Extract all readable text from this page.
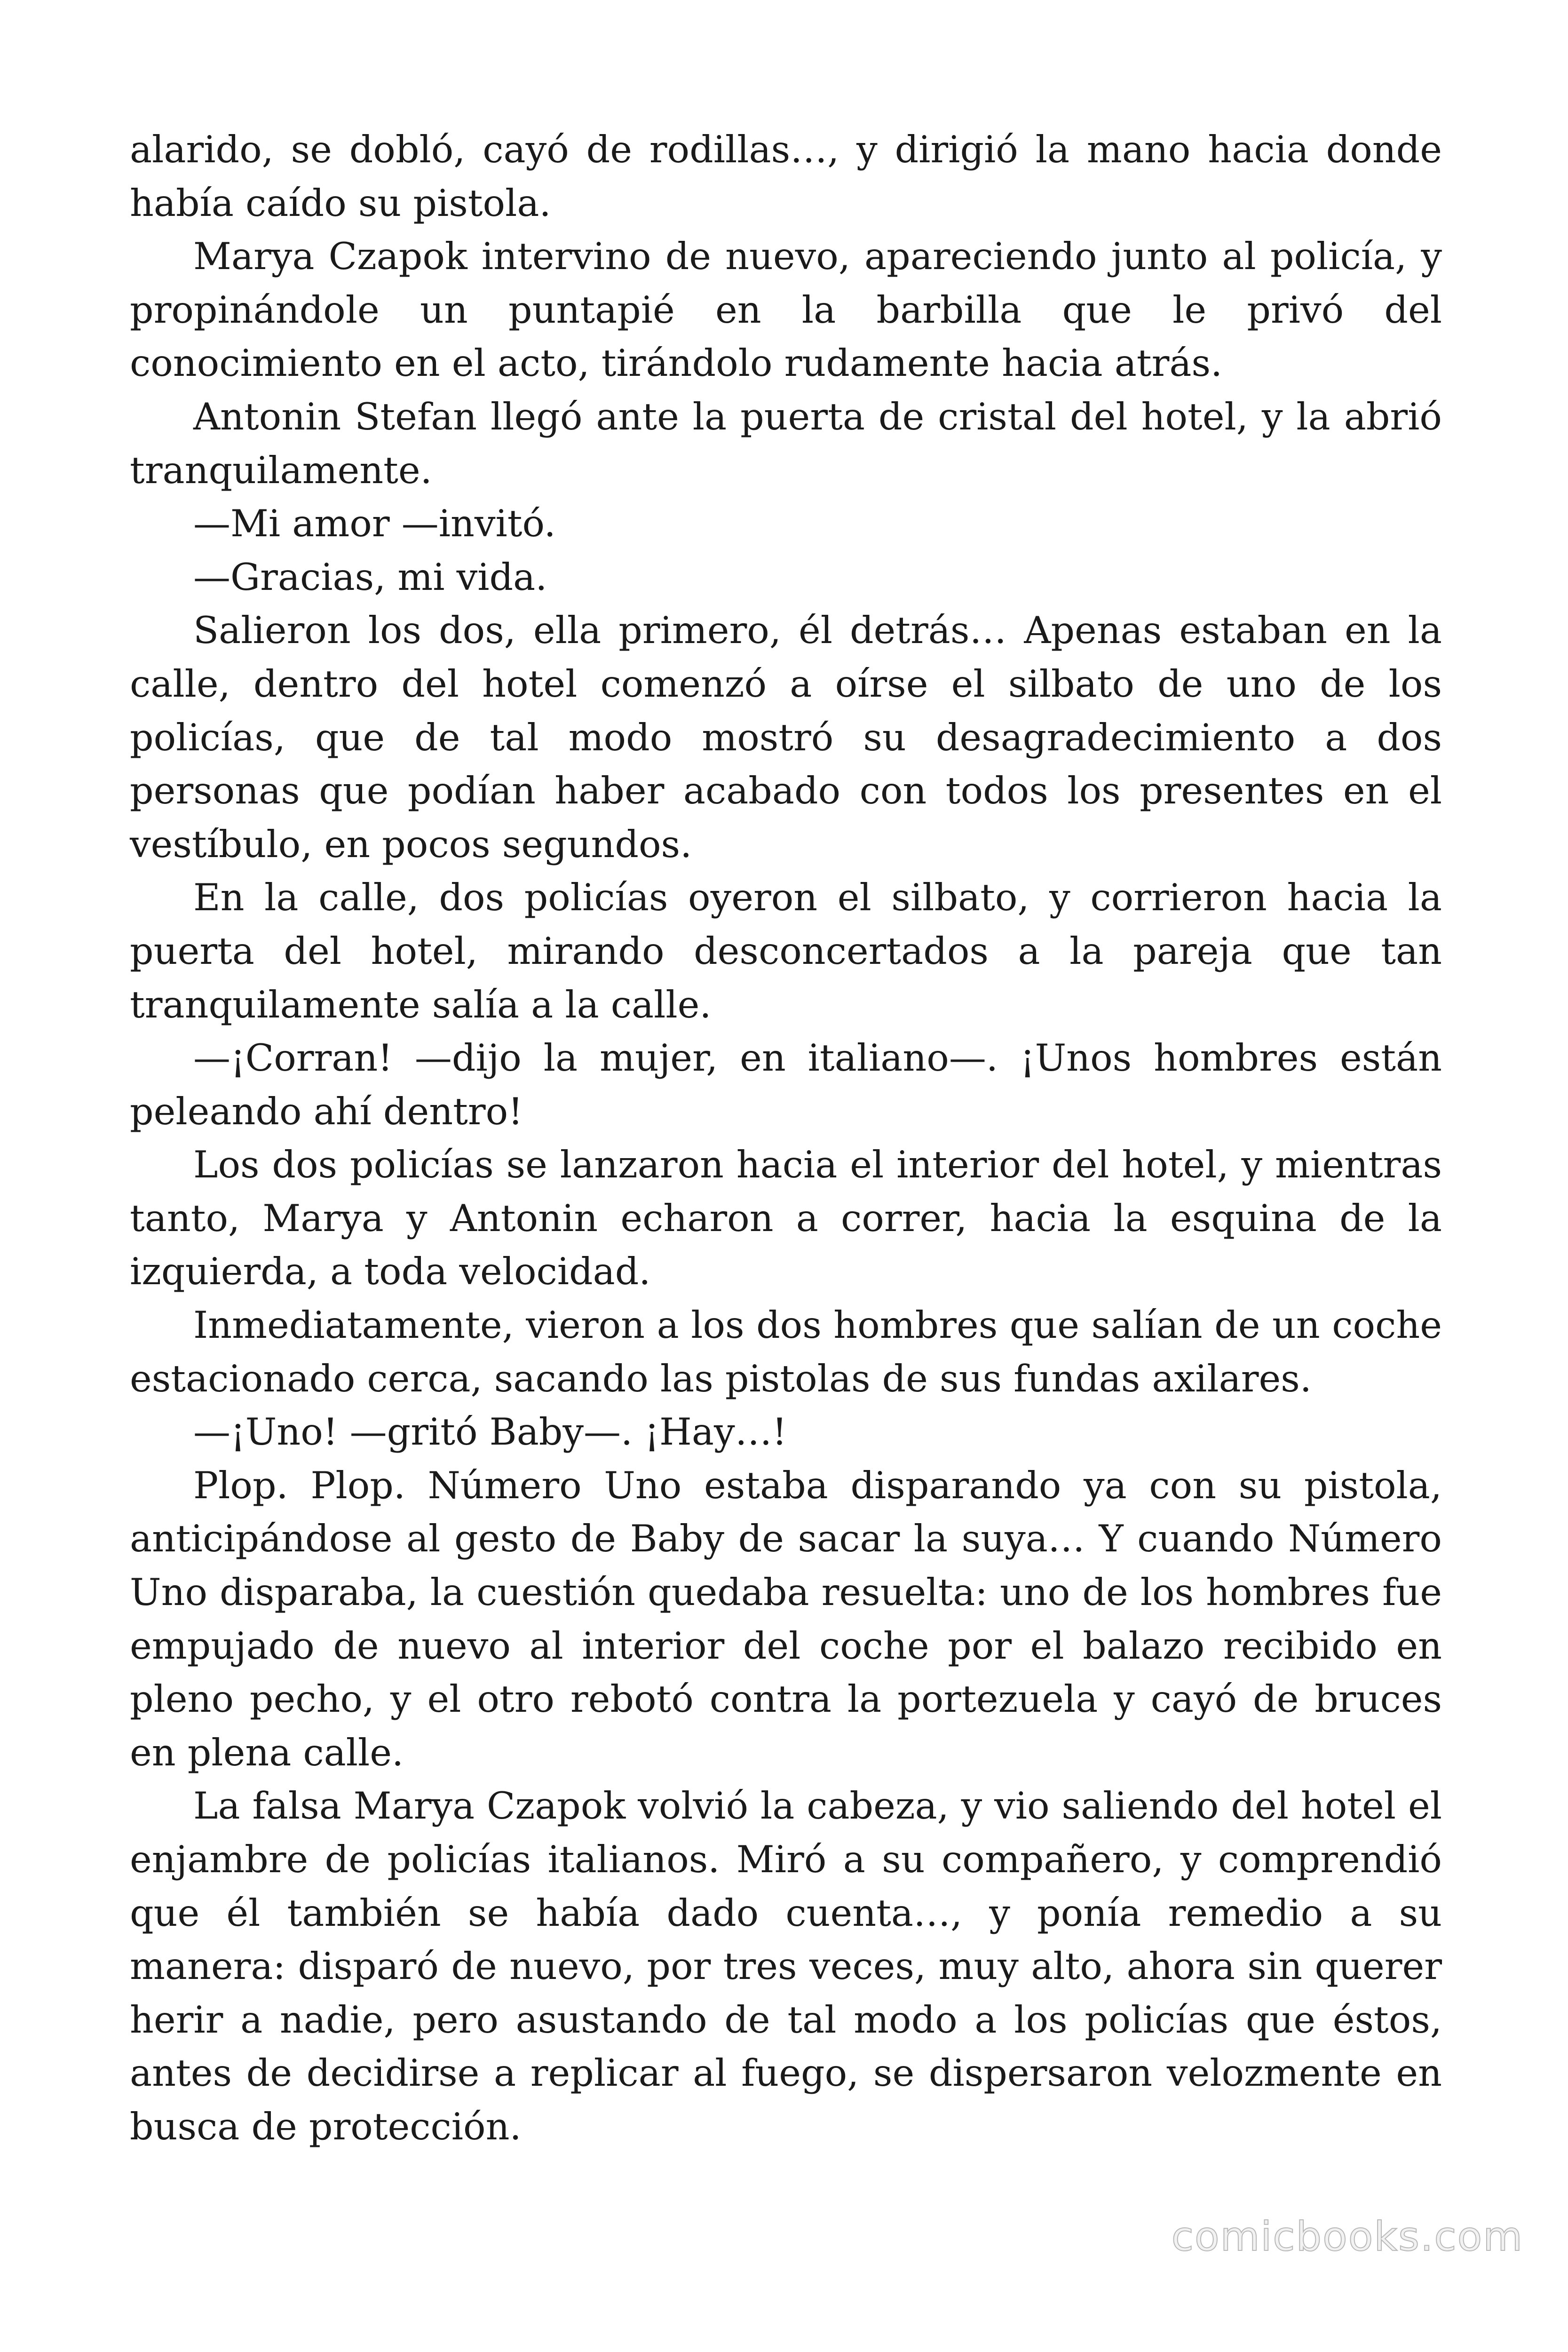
alarido, se dobló, cayó de rodillas…, y dirigió la mano hacia donde había caído su pistola.

Marya Czapok intervino de nuevo, apareciendo junto al policía, y propinándole un puntapié en la barbilla que le privó del conocimiento en el acto, tirándolo rudamente hacia atrás.

Antonin Stefan llegó ante la puerta de cristal del hotel, y la abrió tranquilamente.

—Mi amor —invitó.

—Gracias, mi vida.

Salieron los dos, ella primero, él detrás… Apenas estaban en la calle, dentro del hotel comenzó a oírse el silbato de uno de los policías, que de tal modo mostró su desagradecimiento a dos personas que podían haber acabado con todos los presentes en el vestíbulo, en pocos segundos.

En la calle, dos policías oyeron el silbato, y corrieron hacia la puerta del hotel, mirando desconcertados a la pareja que tan tranquilamente salía a la calle.

—¡Corran! —dijo la mujer, en italiano—. ¡Unos hombres están peleando ahí dentro!

Los dos policías se lanzaron hacia el interior del hotel, y mientras tanto, Marya y Antonin echaron a correr, hacia la esquina de la izquierda, a toda velocidad.

Inmediatamente, vieron a los dos hombres que salían de un coche estacionado cerca, sacando las pistolas de sus fundas axilares.

—¡Uno! —gritó Baby—. ¡Hay…!

Plop. Plop. Número Uno estaba disparando ya con su pistola, anticipándose al gesto de Baby de sacar la suya… Y cuando Número Uno disparaba, la cuestión quedaba resuelta: uno de los hombres fue empujado de nuevo al interior del coche por el balazo recibido en pleno pecho, y el otro rebotó contra la portezuela y cayó de bruces en plena calle.

La falsa Marya Czapok volvió la cabeza, y vio saliendo del hotel el enjambre de policías italianos. Miró a su compañero, y comprendió que él también se había dado cuenta…, y ponía remedio a su manera: disparó de nuevo, por tres veces, muy alto, ahora sin querer herir a nadie, pero asustando de tal modo a los policías que éstos, antes de decidirse a replicar al fuego, se dispersaron velozmente en busca de protección.

comicbooks.com
